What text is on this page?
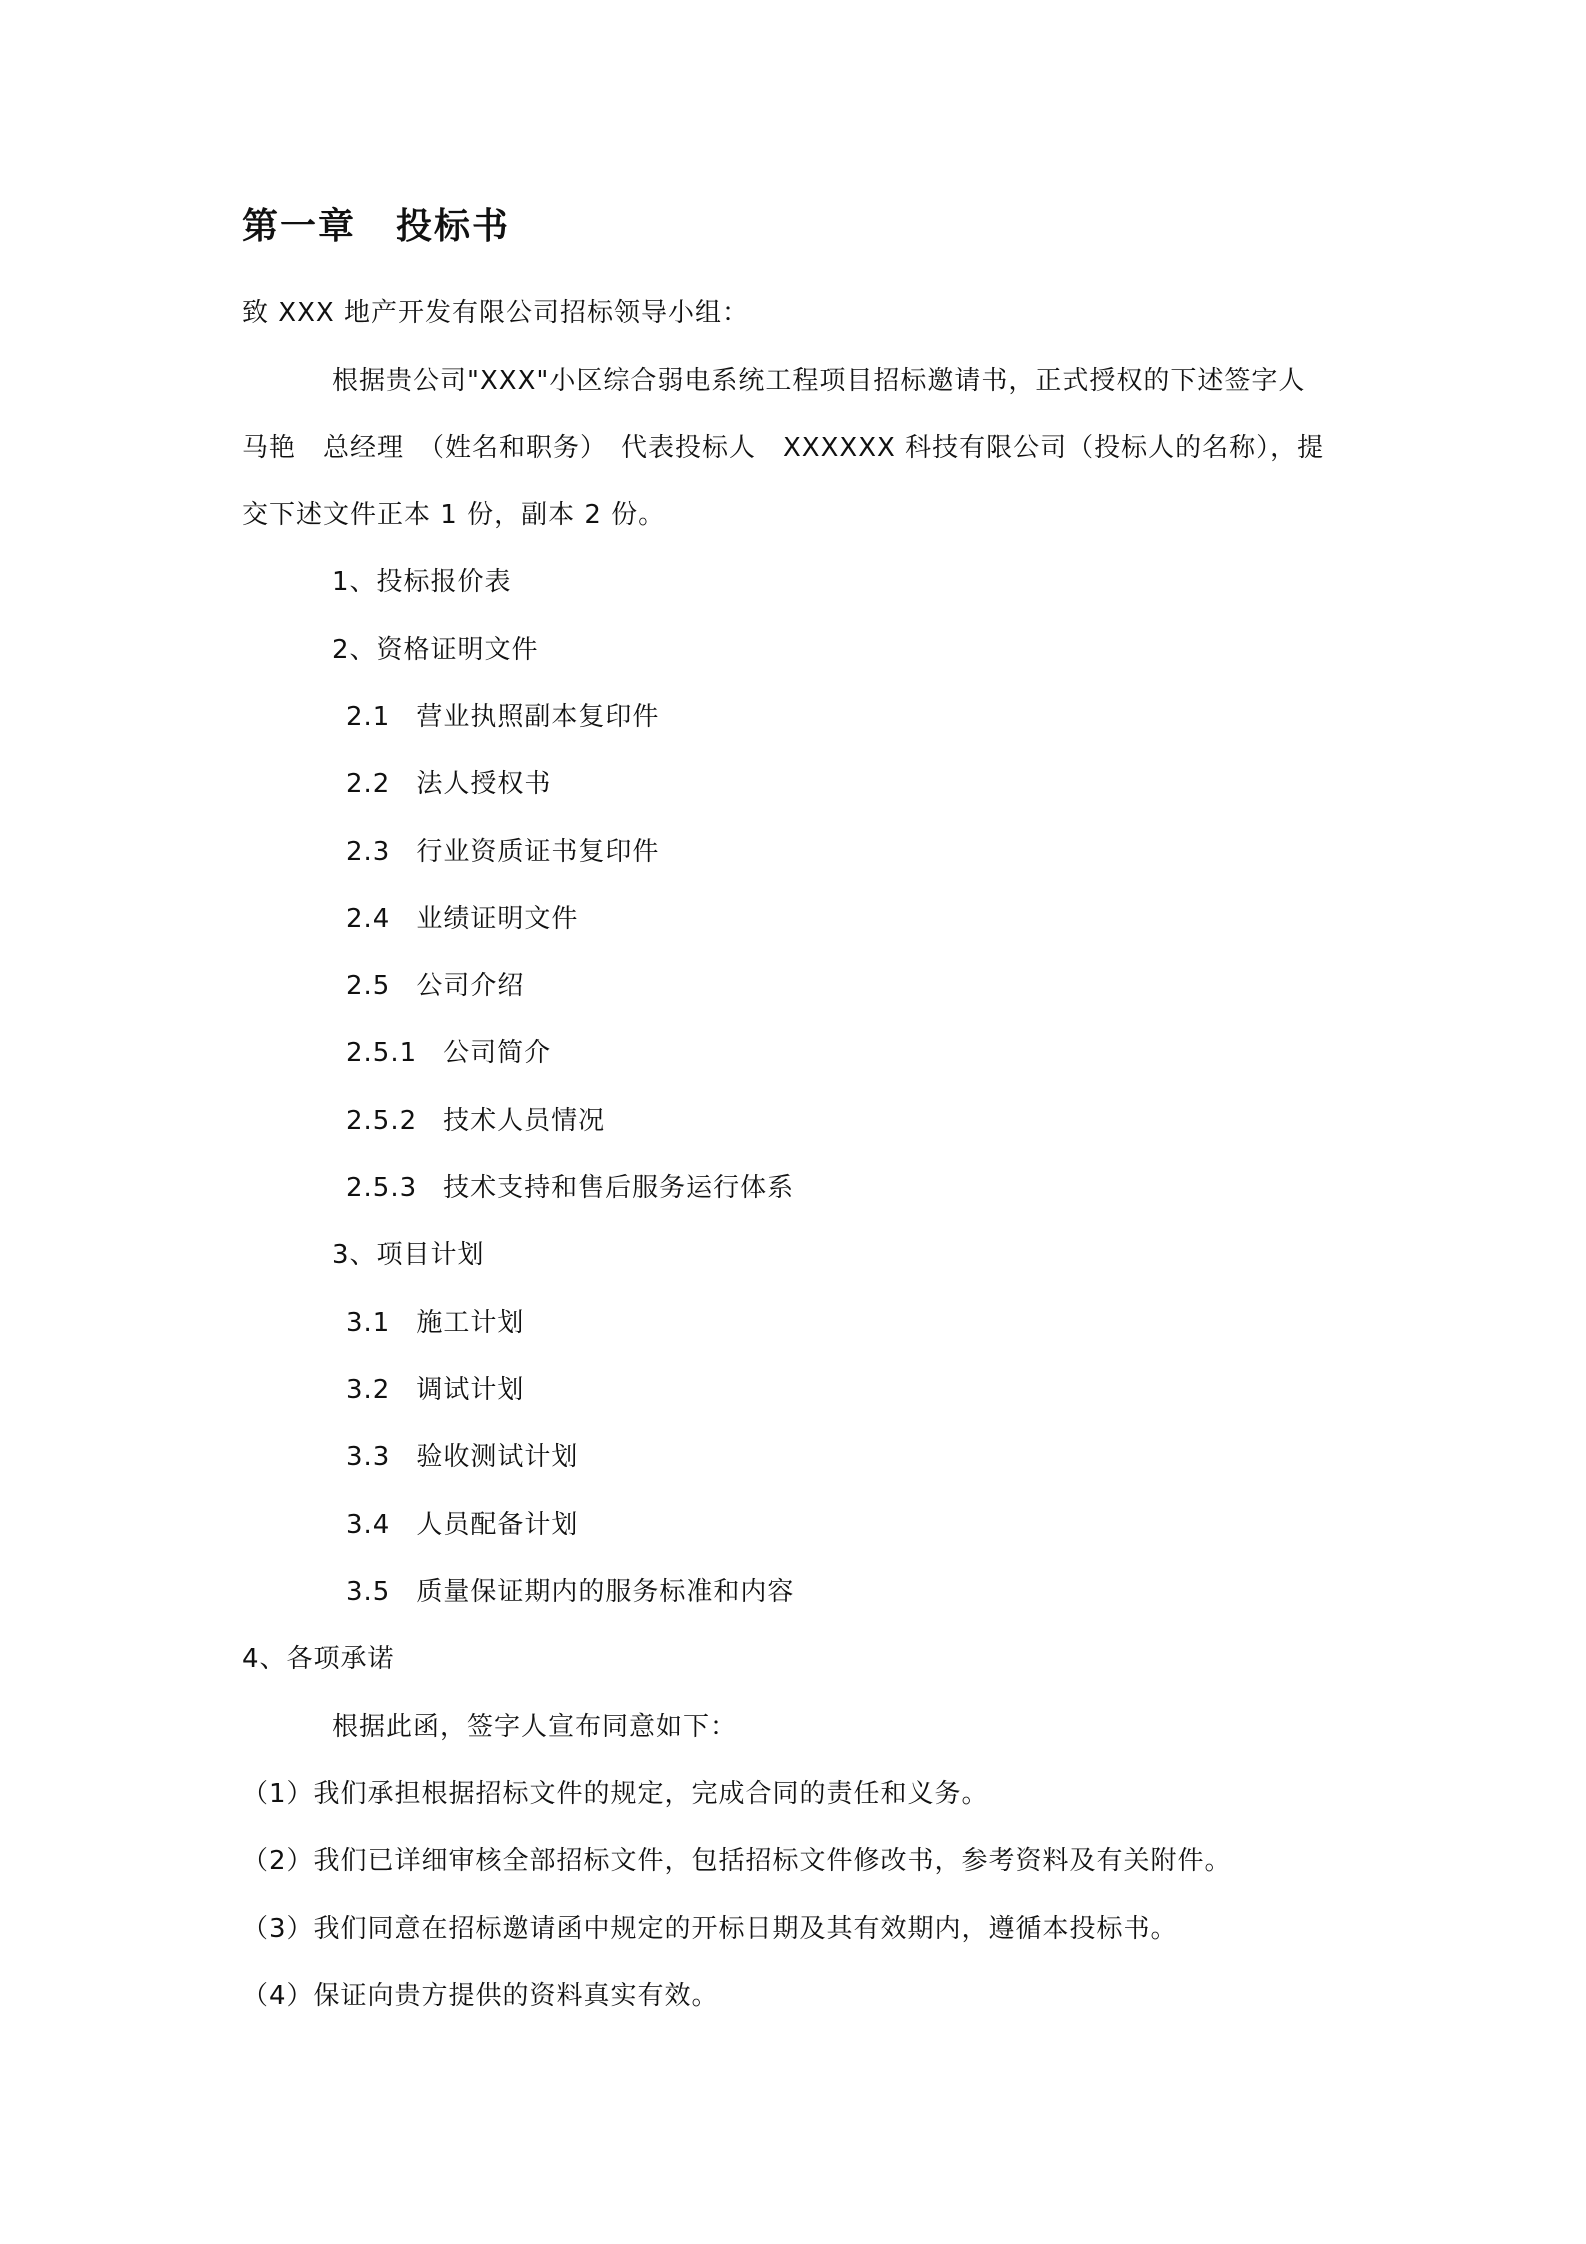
第一章 投标书
致 XXX 地产开发有限公司招标领导小组：
根据贵公司"XXX"小区综合弱电系统工程项目招标邀请书，正式授权的下述签字人
马艳　总经理　（姓名和职务）　代表投标人　XXXXXX 科技有限公司（投标人的名称），提
交下述文件正本 1 份，副本 2 份。
1、投标报价表
2、资格证明文件
2.1 营业执照副本复印件
2.2 法人授权书
2.3 行业资质证书复印件
2.4 业绩证明文件
2.5 公司介绍
2.5.1 公司简介
2.5.2 技术人员情况
2.5.3 技术支持和售后服务运行体系
3、项目计划
3.1 施工计划
3.2 调试计划
3.3 验收测试计划
3.4 人员配备计划
3.5 质量保证期内的服务标准和内容
4、各项承诺
根据此函，签字人宣布同意如下：
（1）我们承担根据招标文件的规定，完成合同的责任和义务。
（2）我们已详细审核全部招标文件，包括招标文件修改书，参考资料及有关附件。
（3）我们同意在招标邀请函中规定的开标日期及其有效期内，遵循本投标书。
（4）保证向贵方提供的资料真实有效。
